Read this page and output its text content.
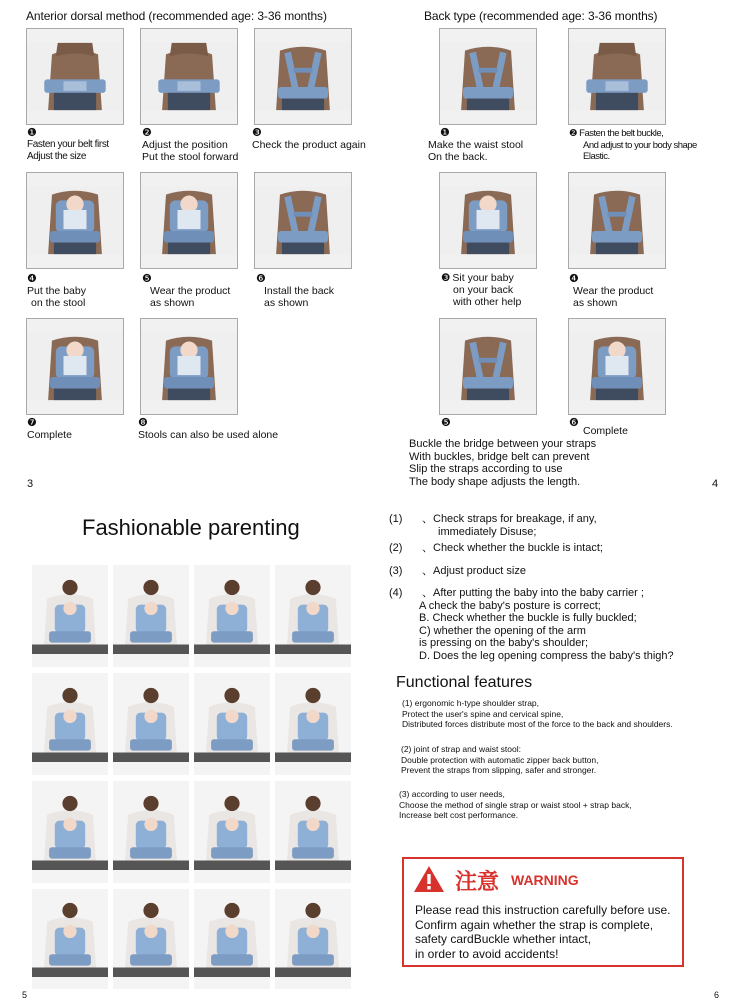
Anterior dorsal method (recommended age: 3-36 months)
❶
Fasten your belt first
Adjust the size
❷
Adjust the position
Put the stool forward
❸
Check the product again
❹
Put the baby
on the stool
❺
Wear the product
as shown
❻
Install the back
as shown
❼
Complete
❽
Stools can also be used alone
3
Back type (recommended age: 3-36 months)
❶
Make the waist stool
On the back.
❷ Fasten the belt buckle,
And adjust to your body shape
Elastic.
❸ Sit your baby
on your back
with other help
❹
Wear the product
as shown
❺	❻
Complete
Buckle the bridge between your straps
With buckles, bridge belt can prevent
Slip the straps according to use
The body shape adjusts the length.	4
Fashionable parenting
5
(1) 、Check straps for breakage, if any,
immediately Disuse;
(2) 、Check whether the buckle is intact;
(3) 、Adjust product size
(4) 、After putting the baby into the baby carrier ;
A check the baby's posture is correct;
B. Check whether the buckle is fully buckled;
C) whether the opening of the arm
is pressing on the baby's shoulder;
D. Does the leg opening compress the baby's thigh?
Functional features
(1) ergonomic h-type shoulder strap,
Protect the user's spine and cervical spine,
Distributed forces distribute most of the force to the back and shoulders.
(2) joint of strap and waist stool:
Double protection with automatic zipper back button,
Prevent the straps from slipping, safer and stronger.
(3) according to user needs,
Choose the method of single strap or waist stool + strap back,
Increase belt cost performance.
注意 WARNING
Please read this instruction carefully before use.
Confirm again whether the strap is complete,
safety cardBuckle whether intact,
in order to avoid accidents!
6
